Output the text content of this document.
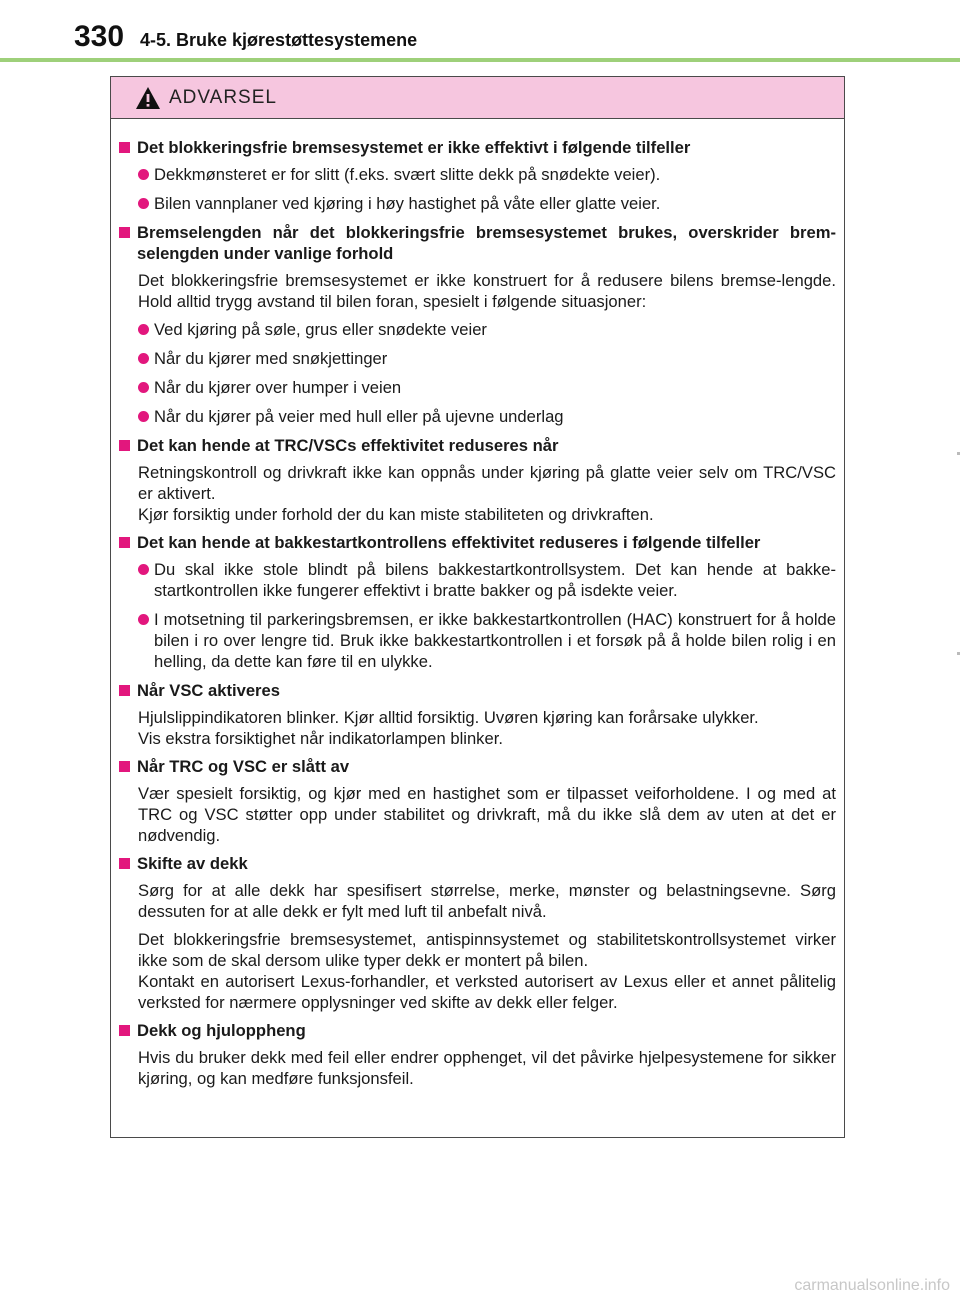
330 4-5. Bruke kjørestøttesystemene
ADVARSEL
Det blokkeringsfrie bremsesystemet er ikke effektivt i følgende tilfeller
Dekkmønsteret er for slitt (f.eks. svært slitte dekk på snødekte veier).
Bilen vannplaner ved kjøring i høy hastighet på våte eller glatte veier.
Bremselengden når det blokkeringsfrie bremsesystemet brukes, overskrider brem-selengden under vanlige forhold
Det blokkeringsfrie bremsesystemet er ikke konstruert for å redusere bilens bremse-lengde. Hold alltid trygg avstand til bilen foran, spesielt i følgende situasjoner:
Ved kjøring på søle, grus eller snødekte veier
Når du kjører med snøkjettinger
Når du kjører over humper i veien
Når du kjører på veier med hull eller på ujevne underlag
Det kan hende at TRC/VSCs effektivitet reduseres når
Retningskontroll og drivkraft ikke kan oppnås under kjøring på glatte veier selv om TRC/VSC er aktivert.
Kjør forsiktig under forhold der du kan miste stabiliteten og drivkraften.
Det kan hende at bakkestartkontrollens effektivitet reduseres i følgende tilfeller
Du skal ikke stole blindt på bilens bakkestartkontrollsystem. Det kan hende at bakke-startkontrollen ikke fungerer effektivt i bratte bakker og på isdekte veier.
I motsetning til parkeringsbremsen, er ikke bakkestartkontrollen (HAC) konstruert for å holde bilen i ro over lengre tid. Bruk ikke bakkestartkontrollen i et forsøk på å holde bilen rolig i en helling, da dette kan føre til en ulykke.
Når VSC aktiveres
Hjulslippindikatoren blinker. Kjør alltid forsiktig. Uvøren kjøring kan forårsake ulykker.
Vis ekstra forsiktighet når indikatorlampen blinker.
Når TRC og VSC er slått av
Vær spesielt forsiktig, og kjør med en hastighet som er tilpasset veiforholdene. I og med at TRC og VSC støtter opp under stabilitet og drivkraft, må du ikke slå dem av uten at det er nødvendig.
Skifte av dekk
Sørg for at alle dekk har spesifisert størrelse, merke, mønster og belastningsevne. Sørg dessuten for at alle dekk er fylt med luft til anbefalt nivå.
Det blokkeringsfrie bremsesystemet, antispinnsystemet og stabilitetskontrollsystemet virker ikke som de skal dersom ulike typer dekk er montert på bilen.
Kontakt en autorisert Lexus-forhandler, et verksted autorisert av Lexus eller et annet pålitelig verksted for nærmere opplysninger ved skifte av dekk eller felger.
Dekk og hjuloppheng
Hvis du bruker dekk med feil eller endrer opphenget, vil det påvirke hjelpesystemene for sikker kjøring, og kan medføre funksjonsfeil.
carmanualsonline.info
